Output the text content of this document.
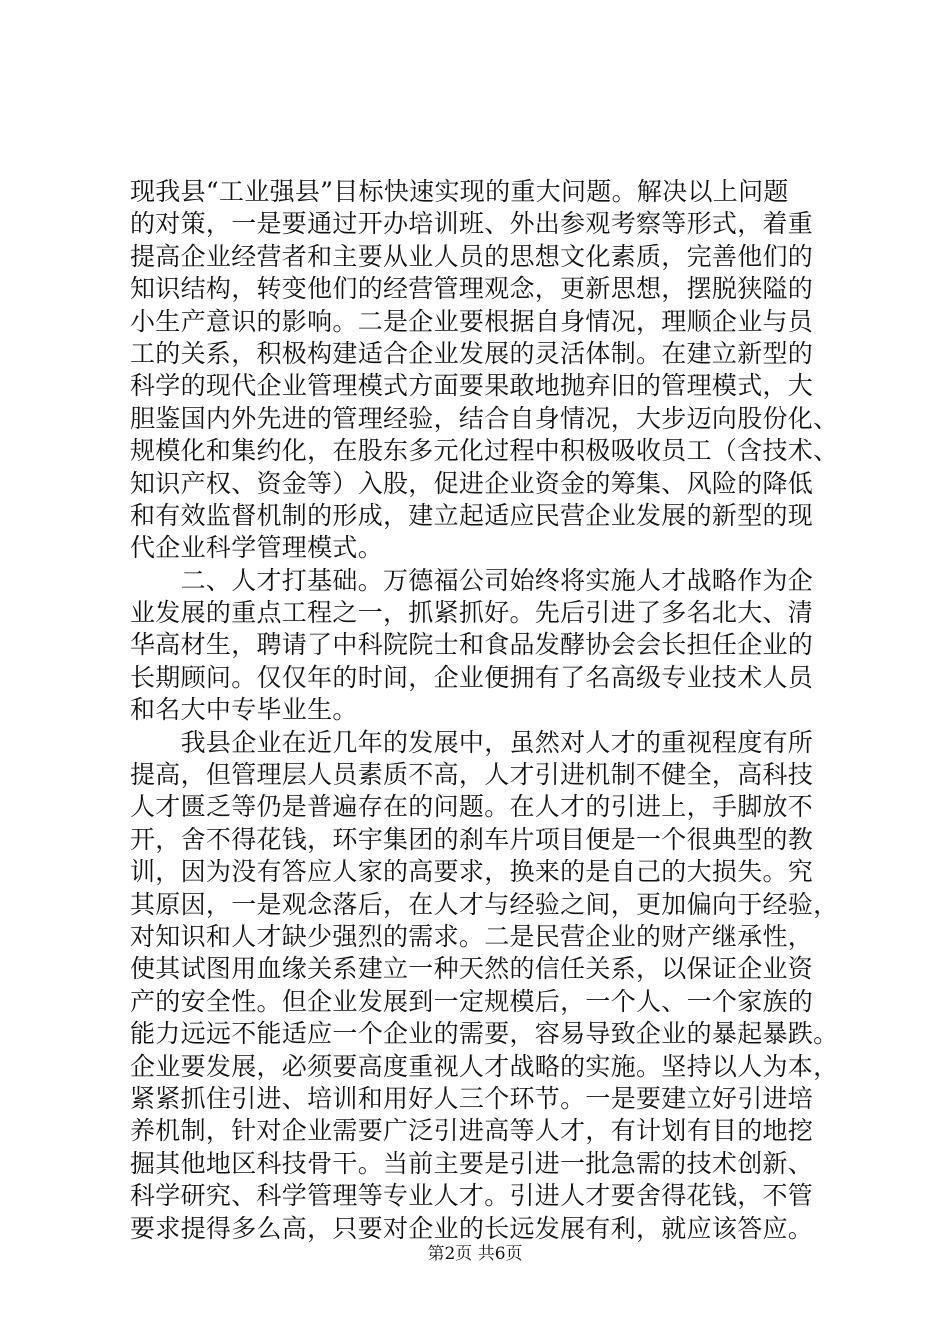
现我县“工业强县”目标快速实现的重大问题。解决以上问题
的对策，一是要通过开办培训班、外出参观考察等形式，着重
提高企业经营者和主要从业人员的思想文化素质，完善他们的
知识结构，转变他们的经营管理观念，更新思想，摆脱狭隘的
小生产意识的影响。二是企业要根据自身情况，理顺企业与员
工的关系，积极构建适合企业发展的灵活体制。在建立新型的
科学的现代企业管理模式方面要果敢地抛弃旧的管理模式，大
胆鉴国内外先进的管理经验，结合自身情况，大步迈向股份化、
规模化和集约化，在股东多元化过程中积极吸收员工（含技术、
知识产权、资金等）入股，促进企业资金的筹集、风险的降低
和有效监督机制的形成，建立起适应民营企业发展的新型的现
代企业科学管理模式。
　　二、人才打基础。万德福公司始终将实施人才战略作为企
业发展的重点工程之一，抓紧抓好。先后引进了多名北大、清
华高材生，聘请了中科院院士和食品发酵协会会长担任企业的
长期顾问。仅仅年的时间，企业便拥有了名高级专业技术人员
和名大中专毕业生。
　　我县企业在近几年的发展中，虽然对人才的重视程度有所
提高，但管理层人员素质不高，人才引进机制不健全，高科技
人才匮乏等仍是普遍存在的问题。在人才的引进上，手脚放不
开，舍不得花钱，环宇集团的刹车片项目便是一个很典型的教
训，因为没有答应人家的高要求，换来的是自己的大损失。究
其原因，一是观念落后，在人才与经验之间，更加偏向于经验，
对知识和人才缺少强烈的需求。二是民营企业的财产继承性，
使其试图用血缘关系建立一种天然的信任关系，以保证企业资
产的安全性。但企业发展到一定规模后，一个人、一个家族的
能力远远不能适应一个企业的需要，容易导致企业的暴起暴跌。
企业要发展，必须要高度重视人才战略的实施。坚持以人为本，
紧紧抓住引进、培训和用好人三个环节。一是要建立好引进培
养机制，针对企业需要广泛引进高等人才，有计划有目的地挖
掘其他地区科技骨干。当前主要是引进一批急需的技术创新、
科学研究、科学管理等专业人才。引进人才要舍得花钱，不管
要求提得多么高，只要对企业的长远发展有利，就应该答应。
第2页 共6页
